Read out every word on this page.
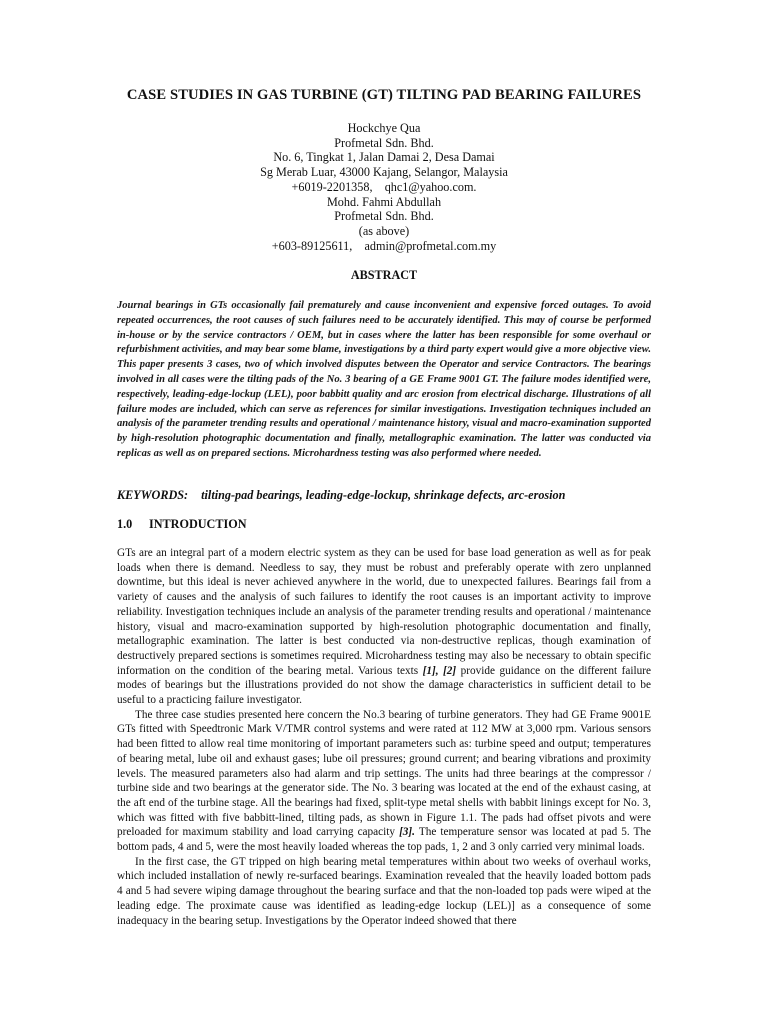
CASE STUDIES IN GAS TURBINE (GT) TILTING PAD BEARING FAILURES
Hockchye Qua
Profmetal Sdn. Bhd.
No. 6, Tingkat 1, Jalan Damai 2, Desa Damai
Sg Merab Luar, 43000 Kajang, Selangor, Malaysia
+6019-2201358,    qhc1@yahoo.com.
Mohd. Fahmi Abdullah
Profmetal Sdn. Bhd.
(as above)
+603-89125611,    admin@profmetal.com.my
ABSTRACT
Journal bearings in GTs occasionally fail prematurely and cause inconvenient and expensive forced outages. To avoid repeated occurrences, the root causes of such failures need to be accurately identified. This may of course be performed in-house or by the service contractors / OEM, but in cases where the latter has been responsible for some overhaul or refurbishment activities, and may bear some blame, investigations by a third party expert would give a more objective view. This paper presents 3 cases, two of which involved disputes between the Operator and service Contractors. The bearings involved in all cases were the tilting pads of the No. 3 bearing of a GE Frame 9001 GT. The failure modes identified were, respectively, leading-edge-lockup (LEL), poor babbitt quality and arc erosion from electrical discharge. Illustrations of all failure modes are included, which can serve as references for similar investigations. Investigation techniques included an analysis of the parameter trending results and operational / maintenance history, visual and macro-examination supported by high-resolution photographic documentation and finally, metallographic examination. The latter was conducted via replicas as well as on prepared sections. Microhardness testing was also performed where needed.
KEYWORDS: tilting-pad bearings, leading-edge-lockup, shrinkage defects, arc-erosion
1.0 INTRODUCTION

GTs are an integral part of a modern electric system as they can be used for base load generation as well as for peak loads when there is demand. Needless to say, they must be robust and preferably operate with zero unplanned downtime, but this ideal is never achieved anywhere in the world, due to unexpected failures. Bearings fail from a variety of causes and the analysis of such failures to identify the root causes is an important activity to improve reliability. Investigation techniques include an analysis of the parameter trending results and operational / maintenance history, visual and macro-examination supported by high-resolution photographic documentation and finally, metallographic examination. The latter is best conducted via non-destructive replicas, though examination of destructively prepared sections is sometimes required. Microhardness testing may also be necessary to obtain specific information on the condition of the bearing metal. Various texts [1], [2] provide guidance on the different failure modes of bearings but the illustrations provided do not show the damage characteristics in sufficient detail to be useful to a practicing failure investigator.

The three case studies presented here concern the No.3 bearing of turbine generators. They had GE Frame 9001E GTs fitted with Speedtronic Mark V/TMR control systems and were rated at 112 MW at 3,000 rpm. Various sensors had been fitted to allow real time monitoring of important parameters such as: turbine speed and output; temperatures of bearing metal, lube oil and exhaust gases; lube oil pressures; ground current; and bearing vibrations and proximity levels. The measured parameters also had alarm and trip settings. The units had three bearings at the compressor / turbine side and two bearings at the generator side. The No. 3 bearing was located at the end of the exhaust casing, at the aft end of the turbine stage. All the bearings had fixed, split-type metal shells with babbit linings except for No. 3, which was fitted with five babbitt-lined, tilting pads, as shown in Figure 1.1. The pads had offset pivots and were preloaded for maximum stability and load carrying capacity [3]. The temperature sensor was located at pad 5. The bottom pads, 4 and 5, were the most heavily loaded whereas the top pads, 1, 2 and 3 only carried very minimal loads.

In the first case, the GT tripped on high bearing metal temperatures within about two weeks of overhaul works, which included installation of newly re-surfaced bearings. Examination revealed that the heavily loaded bottom pads 4 and 5 had severe wiping damage throughout the bearing surface and that the non-loaded top pads were wiped at the leading edge. The proximate cause was identified as leading-edge lockup (LEL)] as a consequence of some inadequacy in the bearing setup. Investigations by the Operator indeed showed that there
